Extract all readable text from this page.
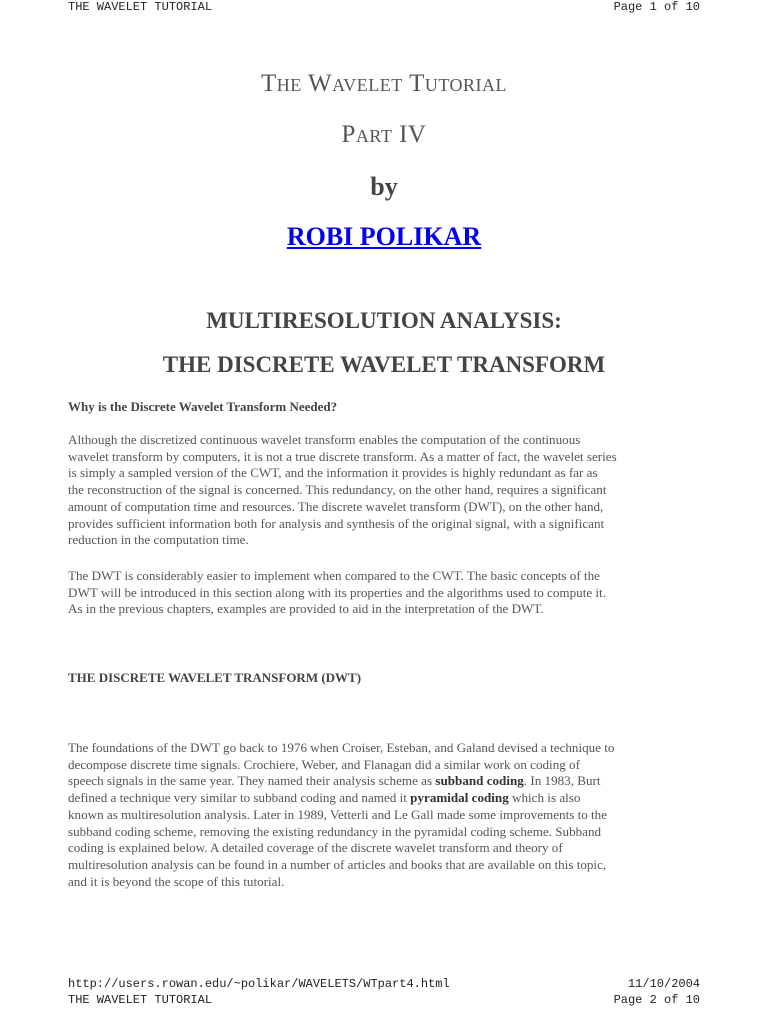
THE WAVELET TUTORIAL	Page 1 of 10
The Wavelet Tutorial
Part IV
by
ROBI POLIKAR
MULTIRESOLUTION ANALYSIS:
THE DISCRETE WAVELET TRANSFORM
Why is the Discrete Wavelet Transform Needed?
Although the discretized continuous wavelet transform enables the computation of the continuous
wavelet transform by computers, it is not a true discrete transform. As a matter of fact, the wavelet series
is simply a sampled version of the CWT, and the information it provides is highly redundant as far as
the reconstruction of the signal is concerned. This redundancy, on the other hand, requires a significant
amount of computation time and resources. The discrete wavelet transform (DWT), on the other hand,
provides sufficient information both for analysis and synthesis of the original signal, with a significant
reduction in the computation time.
The DWT is considerably easier to implement when compared to the CWT. The basic concepts of the
DWT will be introduced in this section along with its properties and the algorithms used to compute it.
As in the previous chapters, examples are provided to aid in the interpretation of the DWT.
THE DISCRETE WAVELET TRANSFORM (DWT)
The foundations of the DWT go back to 1976 when Croiser, Esteban, and Galand devised a technique to
decompose discrete time signals. Crochiere, Weber, and Flanagan did a similar work on coding of
speech signals in the same year. They named their analysis scheme as subband coding. In 1983, Burt
defined a technique very similar to subband coding and named it pyramidal coding which is also
known as multiresolution analysis. Later in 1989, Vetterli and Le Gall made some improvements to the
subband coding scheme, removing the existing redundancy in the pyramidal coding scheme. Subband
coding is explained below. A detailed coverage of the discrete wavelet transform and theory of
multiresolution analysis can be found in a number of articles and books that are available on this topic,
and it is beyond the scope of this tutorial.
http://users.rowan.edu/~polikar/WAVELETS/WTpart4.html	11/10/2004
THE WAVELET TUTORIAL	Page 2 of 10
